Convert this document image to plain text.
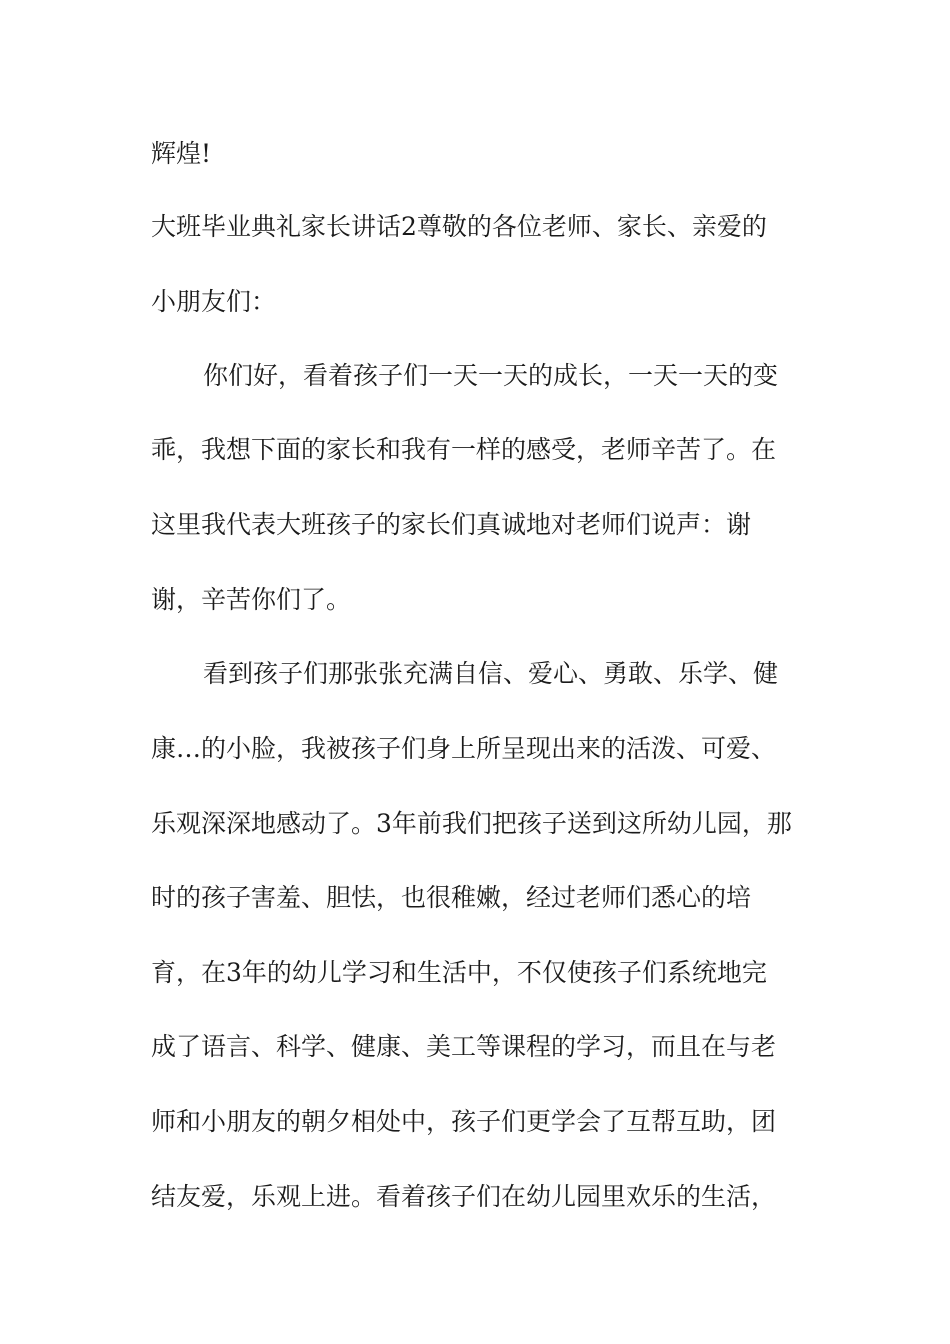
辉煌!
大班毕业典礼家长讲话2尊敬的各位老师、家长、亲爱的
小朋友们：
你们好，看着孩子们一天一天的成长，一天一天的变
乖，我想下面的家长和我有一样的感受，老师辛苦了。在
这里我代表大班孩子的家长们真诚地对老师们说声：谢
谢，辛苦你们了。
看到孩子们那张张充满自信、爱心、勇敢、乐学、健
康…的小脸，我被孩子们身上所呈现出来的活泼、可爱、
乐观深深地感动了。3年前我们把孩子送到这所幼儿园，那
时的孩子害羞、胆怯，也很稚嫩，经过老师们悉心的培
育，在3年的幼儿学习和生活中，不仅使孩子们系统地完
成了语言、科学、健康、美工等课程的学习，而且在与老
师和小朋友的朝夕相处中，孩子们更学会了互帮互助，团
结友爱，乐观上进。看着孩子们在幼儿园里欢乐的生活，
